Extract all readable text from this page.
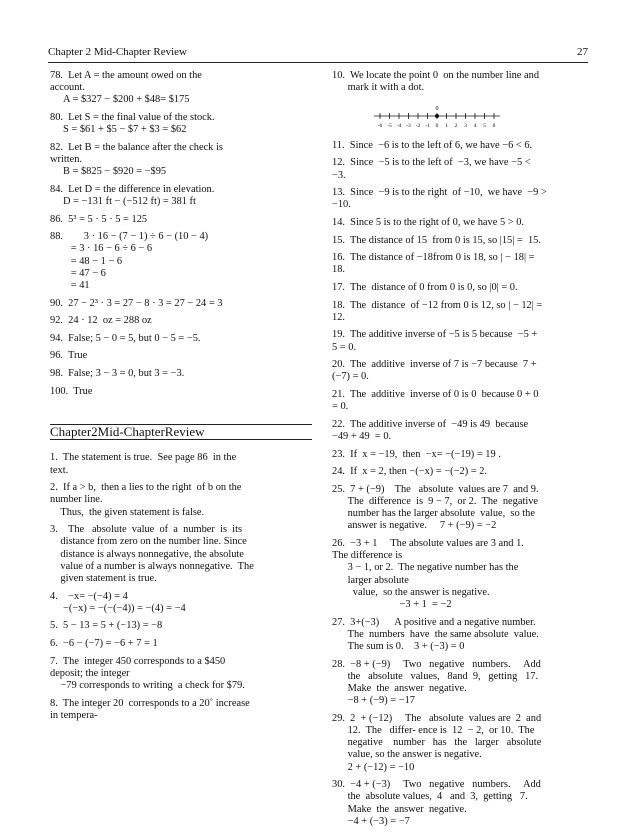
Chapter 2 Mid-Chapter Review	27
78.  Let A = the amount owed on the
account.
A = $327 − $200 + $48= $175
80.  Let S = the final value of the stock.
S = $61 + $5 − $7 + $3 = $62
82.  Let B = the balance after the check is
written.
B = $825 − $920 = −$95
84.  Let D = the difference in elevation.
D = −131 ft − (−512 ft) = 381 ft
86.  5³ = 5 · 5 · 5 = 125
88.        3 · 16 − (7 − 1) ÷ 6 − (10 − 4)
= 3 · 16 − 6 ÷ 6 − 6
= 48 − 1 − 6
= 47 − 6
= 41
90.  27 − 2³ · 3 = 27 − 8 · 3 = 27 − 24 = 3
92.  24 · 12  oz = 288 oz
94.  False; 5 − 0 = 5, but 0 − 5 = −5.
96.  True
98.  False; 3 − 3 = 0, but 3 = −3.
100.  True
Chapter2Mid-ChapterReview
1.  The statement is true.  See page 86  in the
text.
2.  If a > b,  then a lies to the right  of b on the
number line.
Thus,  the given statement is false.
3.    The   absolute  value  of  a  number  is  its
distance from zero on the number line. Since
distance is always nonnegative, the absolute
value of a number is always nonnegative.  The
given statement is true.
4.    −x= −(−4) = 4
−(−x) = −(−(−4)) = −(4) = −4
5.  5 − 13 = 5 + (−13) = −8
6.  −6 − (−7) = −6 + 7 = 1
7.  The  integer 450 corresponds to a $450
deposit; the integer
−79 corresponds to writing  a check for $79.
8.  The integer 20  corresponds to a 20˚ increase
in tempera-
10.  We locate the point 0  on the number line and
mark it with a dot.
-6 -5 -4 -3 -2 -1 0 1 2 3 4 5 6
0
11.  Since  −6 is to the left of 6, we have −6 < 6.
12.  Since  −5 is to the left of  −3, we have −5 <
−3.
13.  Since  −9 is to the right  of −10,  we have  −9 >
−10.
14.  Since 5 is to the right of 0, we have 5 > 0.
15.  The distance of 15  from 0 is 15, so |15| =  15.
16.  The distance of −18from 0 is 18, so | − 18| =
18.
17.  The  distance of 0 from 0 is 0, so |0| = 0.
18.  The  distance  of −12 from 0 is 12, so | − 12| =
12.
19.  The additive inverse of −5 is 5 because  −5 +
5 = 0.
20.  The  additive  inverse of 7 is −7 because  7 +
(−7) = 0.
21.  The  additive  inverse of 0 is 0  because 0 + 0
= 0.
22.  The additive inverse of  −49 is 49  because
−49 + 49  = 0.
23.  If  x = −19,  then  −x= −(−19) = 19 .
24.  If  x = 2, then −(−x) = −(−2) = 2.
25.  7 + (−9)    The   absolute  values are 7  and 9.
The  difference  is  9 − 7,  or 2.  The  negative
number has the larger absolute  value,  so the
answer is negative.     7 + (−9) = −2
26.  −3 + 1     The absolute values are 3 and 1.
The difference is
3 − 1, or 2.  The negative number has the
larger absolute
value,  so the answer is negative.
−3 + 1  = −2
27.  3+(−3)      A positive and a negative number.
The  numbers  have  the same absolute  value.
The sum is 0.    3 + (−3) = 0
28.  −8 + (−9)     Two   negative   numbers.     Add
the   absolute   values,   8and  9,   getting   17.
Make  the  answer  negative.
−8 + (−9) = −17
29.  2  + (−12)     The   absolute  values are  2  and
12.  The   differ- ence is  12  − 2,  or 10.  The
negative    number   has   the   larger   absolute
value, so the answer is negative.
2 + (−12) = −10
30.  −4 + (−3)     Two   negative   numbers.     Add
the  absolute values,  4   and  3,  getting   7.
Make  the  answer  negative.
−4 + (−3) = −7
